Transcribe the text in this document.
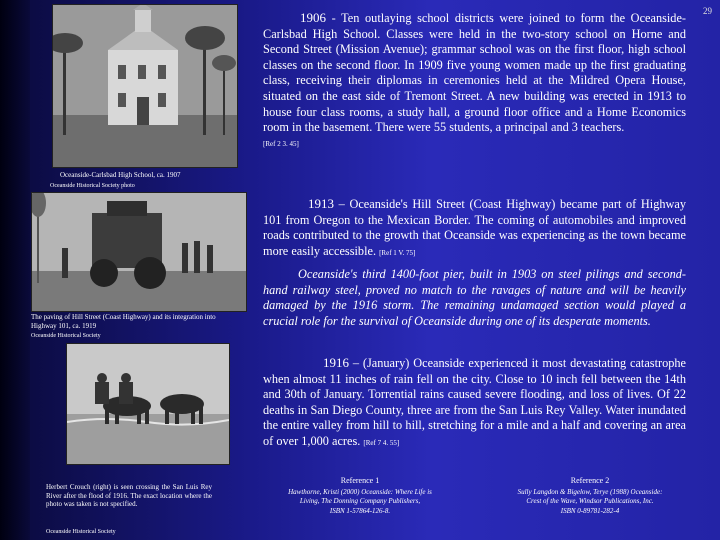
29
Oceanside-Carlsbad High School, ca. 1907
Oceanside Historical Society photo
The paving of Hill Street (Coast Highway) and its integration into Highway 101, ca. 1919
Oceanside Historical Society
Herbert Crouch (right) is seen crossing the San Luis Rey River after the flood of 1916. The exact location where the photo was taken is not specified.
Oceanside Historical Society

1906 - Ten outlaying school districts were joined to form the Oceanside-Carlsbad High School. Classes were held in the two-story school on Horne and Second Street (Mission Avenue); grammar school was on the first floor, high school classes on the second floor. In 1909 five young women made up the first graduating class, receiving their diplomas in ceremonies held at the Mildred Opera House, situated on the east side of Tremont Street. A new building was erected in 1913 to house four class rooms, a study hall, a ground floor office and a Home Economics room in the basement. There were 55 students, a principal and 3 teachers.

[Ref 2 3. 45]

1913 – Oceanside's Hill Street (Coast Highway) became part of Highway 101 from Oregon to the Mexican Border. The coming of automobiles and improved roads contributed to the growth that Oceanside was experiencing as the town became more easily accessible. [Ref 1 V. 75]

Oceanside's third 1400-foot pier, built in 1903 on steel pilings and second-hand railway steel, proved no match to the ravages of nature and will be heavily damaged by the 1916 storm. The remaining undamaged section would played a crucial role for the survival of Oceanside during one of its desperate moments.

1916 – (January) Oceanside experienced it most devastating catastrophe when almost 11 inches of rain fell on the city. Close to 10 inch fell between the 14th and 30th of January. Torrential rains caused severe flooding, and loss of lives. Of 22 deaths in San Diego County, three are from the San Luis Rey Valley. Water inundated the entire valley from hill to hill, stretching for a mile and a half and covering an area of over 1,000 acres. [Ref 7 4. 55]

Reference 1
Hawthorne, Kristi (2000) Oceanside: Where Life is
Living, The Donning Company Publishers,
ISBN 1-57864-126-8.
Reference 2
Sully Langdon & Bigelow, Terye (1988) Oceanside:
Crest of the Wave, Windsor Publications, Inc.
ISBN 0-89781-282-4
